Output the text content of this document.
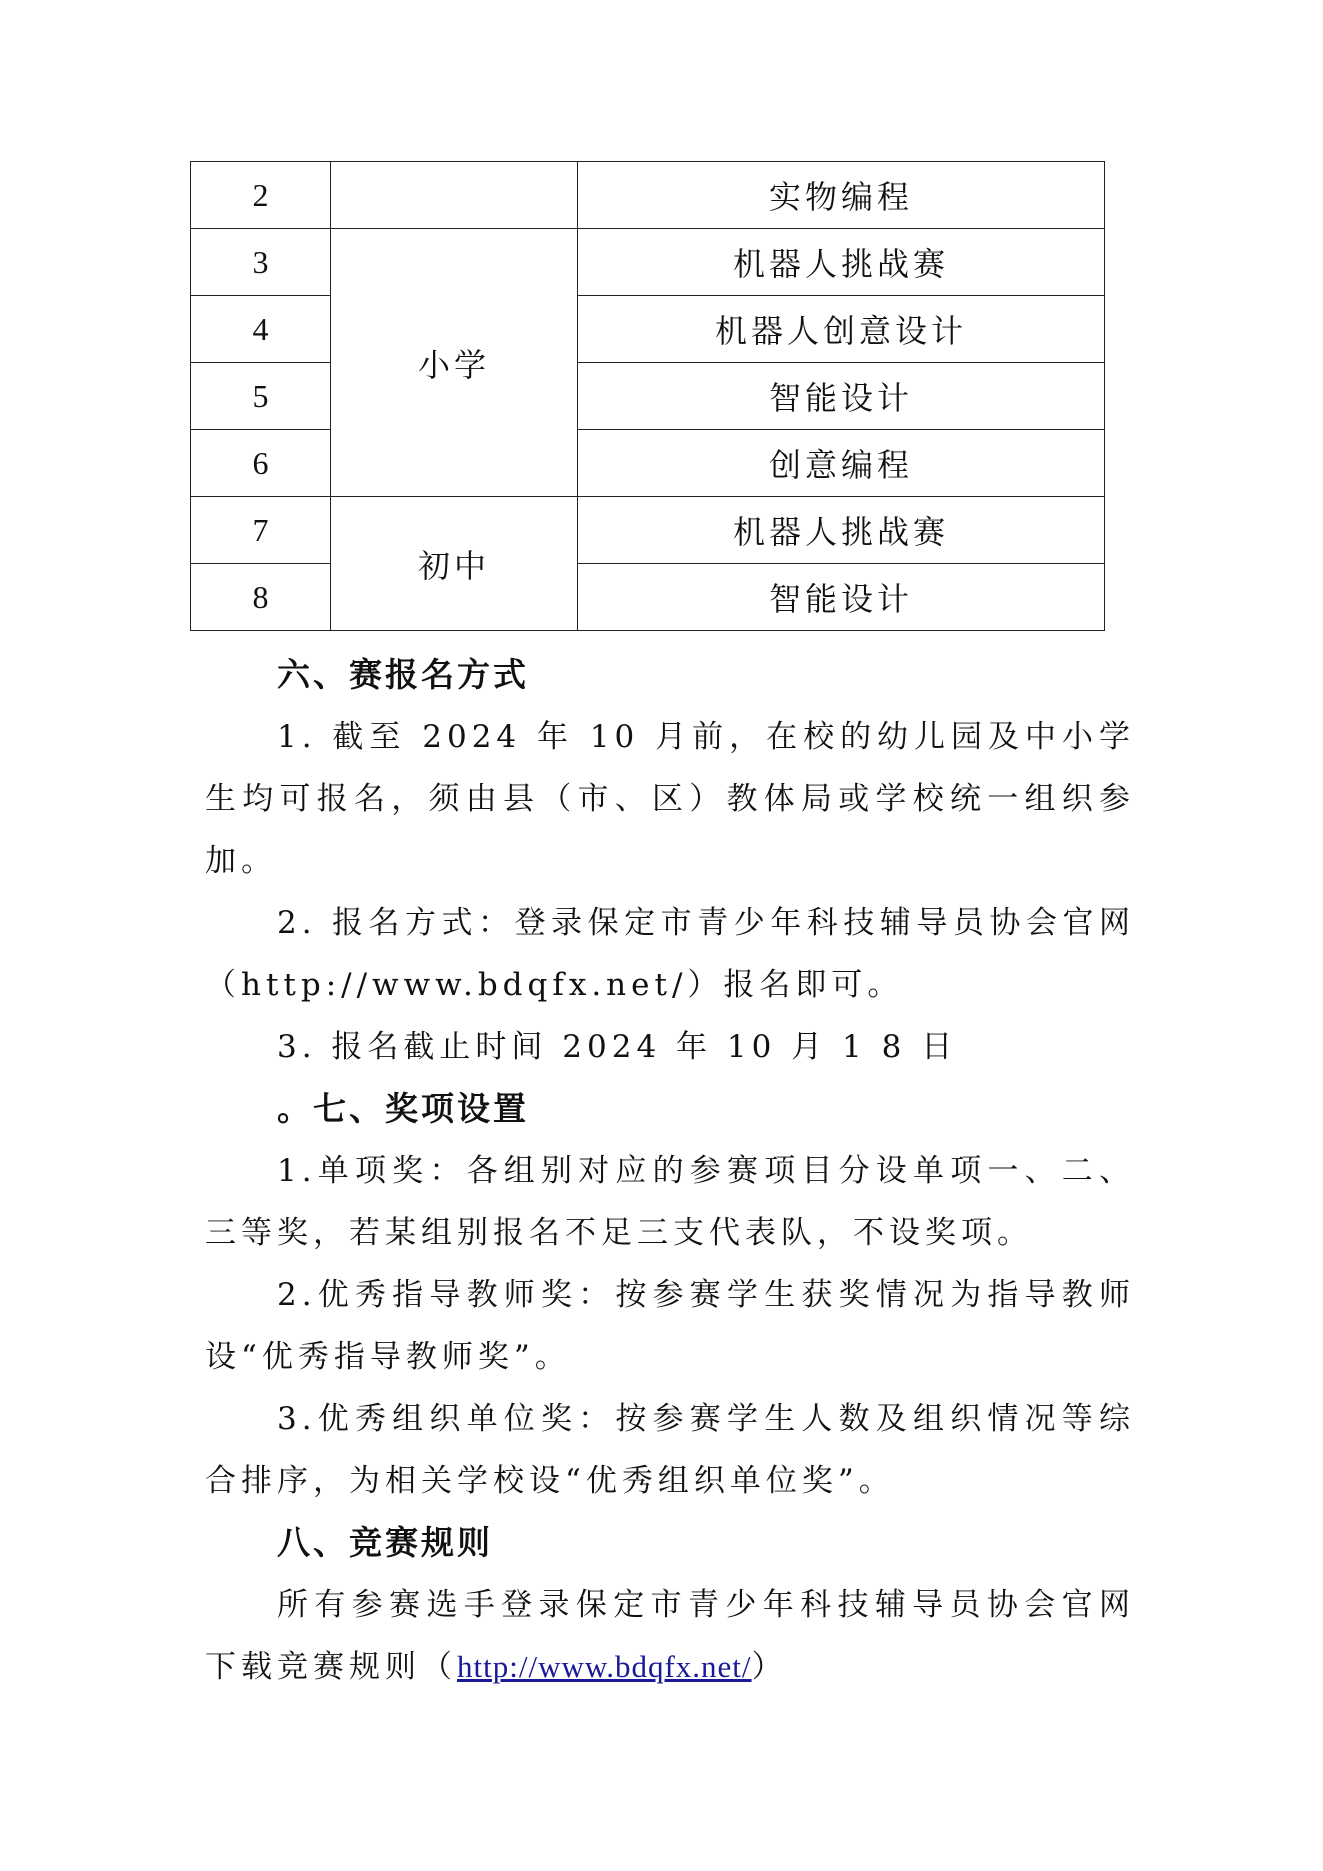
2		实物编程
3	小学	机器人挑战赛
4		机器人创意设计
5		智能设计
6		创意编程
7	初中	机器人挑战赛
8		智能设计
六、赛报名方式
1. 截至 2024 年 10 月前，在校的幼儿园及中小学生均可报名，须由县（市、区）教体局或学校统一组织参加。
2. 报名方式：登录保定市青少年科技辅导员协会官网（http://www.bdqfx.net/）报名即可。
3. 报名截止时间 2024 年 10 月 1 8 日
。七、奖项设置
1.单项奖：各组别对应的参赛项目分设单项一、二、三等奖，若某组别报名不足三支代表队，不设奖项。
2.优秀指导教师奖：按参赛学生获奖情况为指导教师设“优秀指导教师奖”。
3.优秀组织单位奖：按参赛学生人数及组织情况等综合排序，为相关学校设“优秀组织单位奖”。
八、竞赛规则
所有参赛选手登录保定市青少年科技辅导员协会官网下载竞赛规则（http://www.bdqfx.net/）
